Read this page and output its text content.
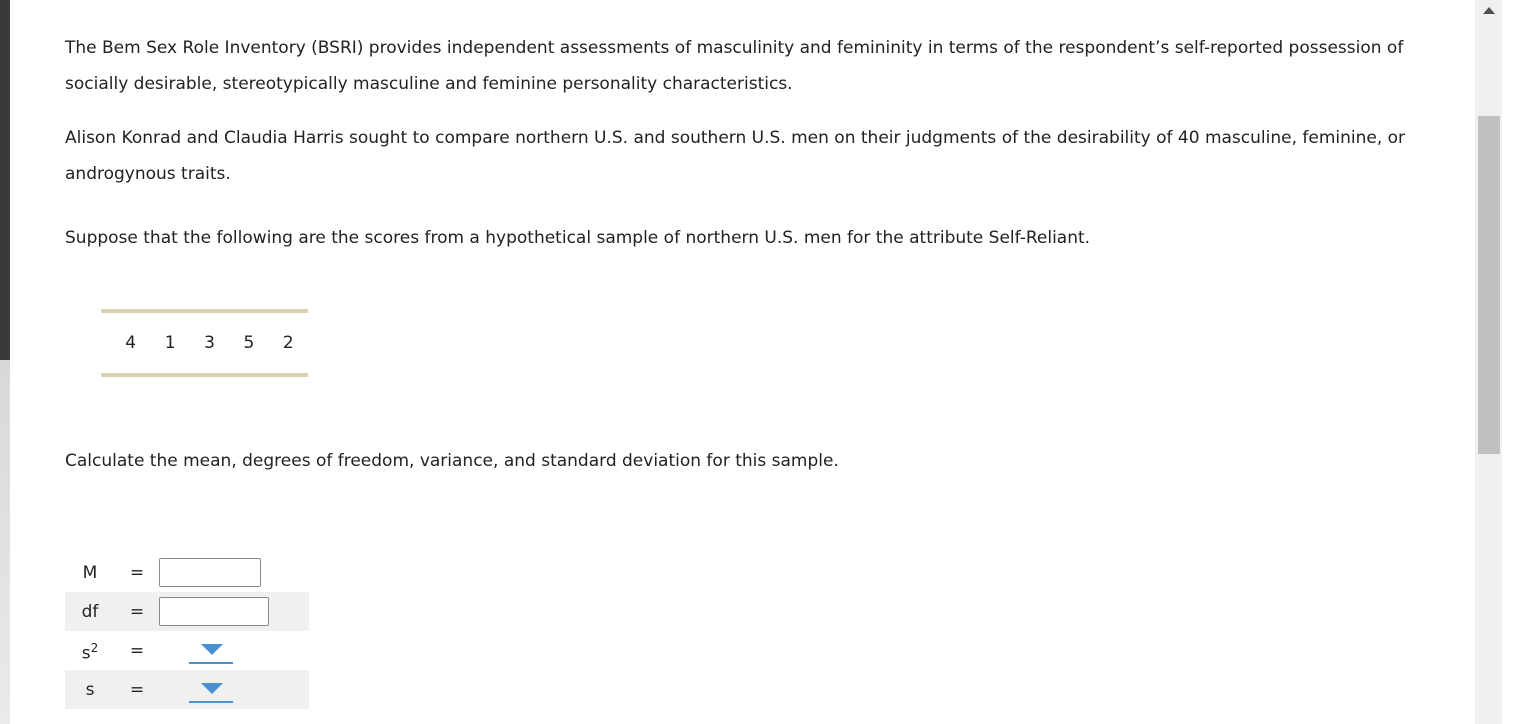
The Bem Sex Role Inventory (BSRI) provides independent assessments of masculinity and femininity in terms of the respondent’s self-reported possession of socially desirable, stereotypically masculine and feminine personality characteristics.

Alison Konrad and Claudia Harris sought to compare northern U.S. and southern U.S. men on their judgments of the desirability of 40 masculine, feminine, or androgynous traits.

Suppose that the following are the scores from a hypothetical sample of northern U.S. men for the attribute Self-Reliant.

4	1	3	5	2

Calculate the mean, degrees of freedom, variance, and standard deviation for this sample.

M	=
df	=
$s^2$	=
s	=
